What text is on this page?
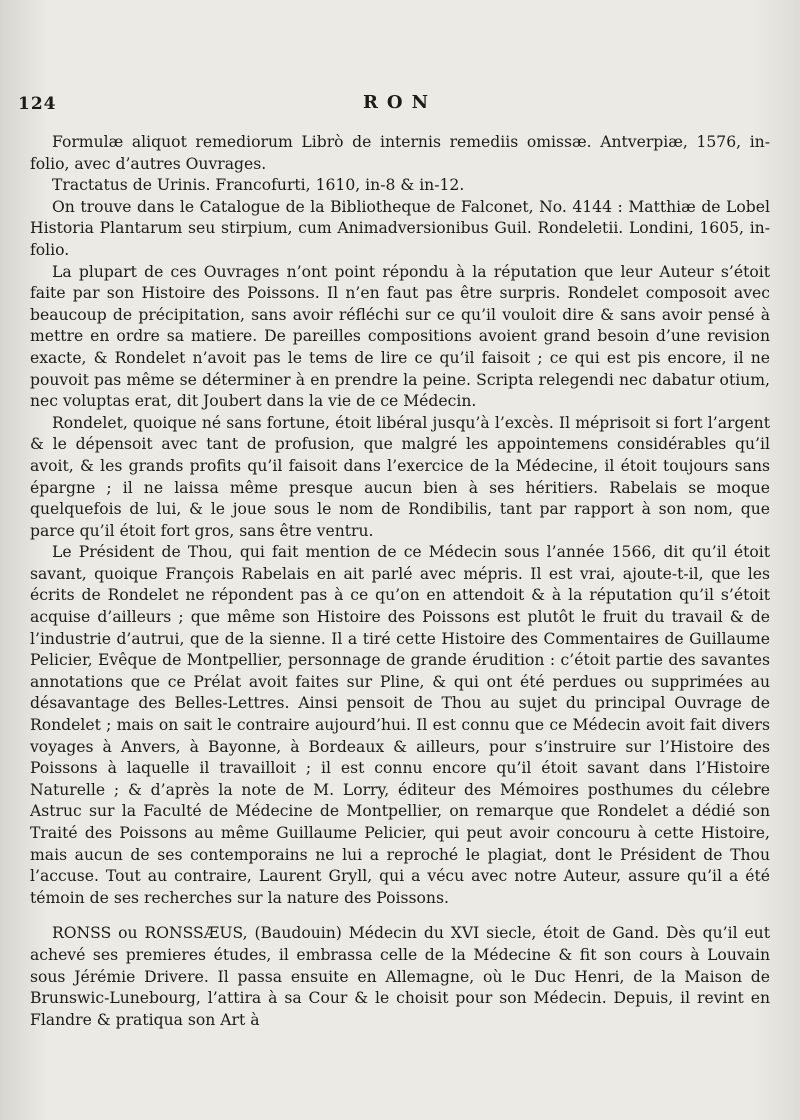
124	RON

Formulæ aliquot remediorum Librò de internis remediis omissæ. Antverpiæ, 1576, in-folio, avec d’autres Ouvrages.

Tractatus de Urinis. Francofurti, 1610, in-8 & in-12.

On trouve dans le Catalogue de la Bibliotheque de Falconet, No. 4144 : Matthiæ de Lobel Historia Plantarum seu stirpium, cum Animadversionibus Guil. Rondeletii. Londini, 1605, in-folio.

La plupart de ces Ouvrages n’ont point répondu à la réputation que leur Auteur s’étoit faite par son Histoire des Poissons. Il n’en faut pas être surpris. Rondelet composoit avec beaucoup de précipitation, sans avoir réfléchi sur ce qu’il vouloit dire & sans avoir pensé à mettre en ordre sa matiere. De pareilles compositions avoient grand besoin d’une revision exacte, & Rondelet n’avoit pas le tems de lire ce qu’il faisoit ; ce qui est pis encore, il ne pouvoit pas même se déterminer à en prendre la peine. Scripta relegendi nec dabatur otium, nec voluptas erat, dit Joubert dans la vie de ce Médecin.

Rondelet, quoique né sans fortune, étoit libéral jusqu’à l’excès. Il méprisoit si fort l’argent & le dépensoit avec tant de profusion, que malgré les appointemens considérables qu’il avoit, & les grands profits qu’il faisoit dans l’exercice de la Médecine, il étoit toujours sans épargne ; il ne laissa même presque aucun bien à ses héritiers. Rabelais se moque quelquefois de lui, & le joue sous le nom de Rondibilis, tant par rapport à son nom, que parce qu’il étoit fort gros, sans être ventru.

Le Président de Thou, qui fait mention de ce Médecin sous l’année 1566, dit qu’il étoit savant, quoique François Rabelais en ait parlé avec mépris. Il est vrai, ajoute-t-il, que les écrits de Rondelet ne répondent pas à ce qu’on en attendoit & à la réputation qu’il s’étoit acquise d’ailleurs ; que même son Histoire des Poissons est plutôt le fruit du travail & de l’industrie d’autrui, que de la sienne. Il a tiré cette Histoire des Commentaires de Guillaume Pelicier, Evêque de Montpellier, personnage de grande érudition : c’étoit partie des savantes annotations que ce Prélat avoit faites sur Pline, & qui ont été perdues ou supprimées au désavantage des Belles-Lettres. Ainsi pensoit de Thou au sujet du principal Ouvrage de Rondelet ; mais on sait le contraire aujourd’hui. Il est connu que ce Médecin avoit fait divers voyages à Anvers, à Bayonne, à Bordeaux & ailleurs, pour s’instruire sur l’Histoire des Poissons à laquelle il travailloit ; il est connu encore qu’il étoit savant dans l’Histoire Naturelle ; & d’après la note de M. Lorry, éditeur des Mémoires posthumes du célebre Astruc sur la Faculté de Médecine de Montpellier, on remarque que Rondelet a dédié son Traité des Poissons au même Guillaume Pelicier, qui peut avoir concouru à cette Histoire, mais aucun de ses contemporains ne lui a reproché le plagiat, dont le Président de Thou l’accuse. Tout au contraire, Laurent Gryll, qui a vécu avec notre Auteur, assure qu’il a été témoin de ses recherches sur la nature des Poissons.

RONSS ou RONSSÆUS, (Baudouin) Médecin du XVI siecle, étoit de Gand. Dès qu’il eut achevé ses premieres études, il embrassa celle de la Médecine & fit son cours à Louvain sous Jérémie Drivere. Il passa ensuite en Allemagne, où le Duc Henri, de la Maison de Brunswic-Lunebourg, l’attira à sa Cour & le choisit pour son Médecin. Depuis, il revint en Flandre & pratiqua son Art à
